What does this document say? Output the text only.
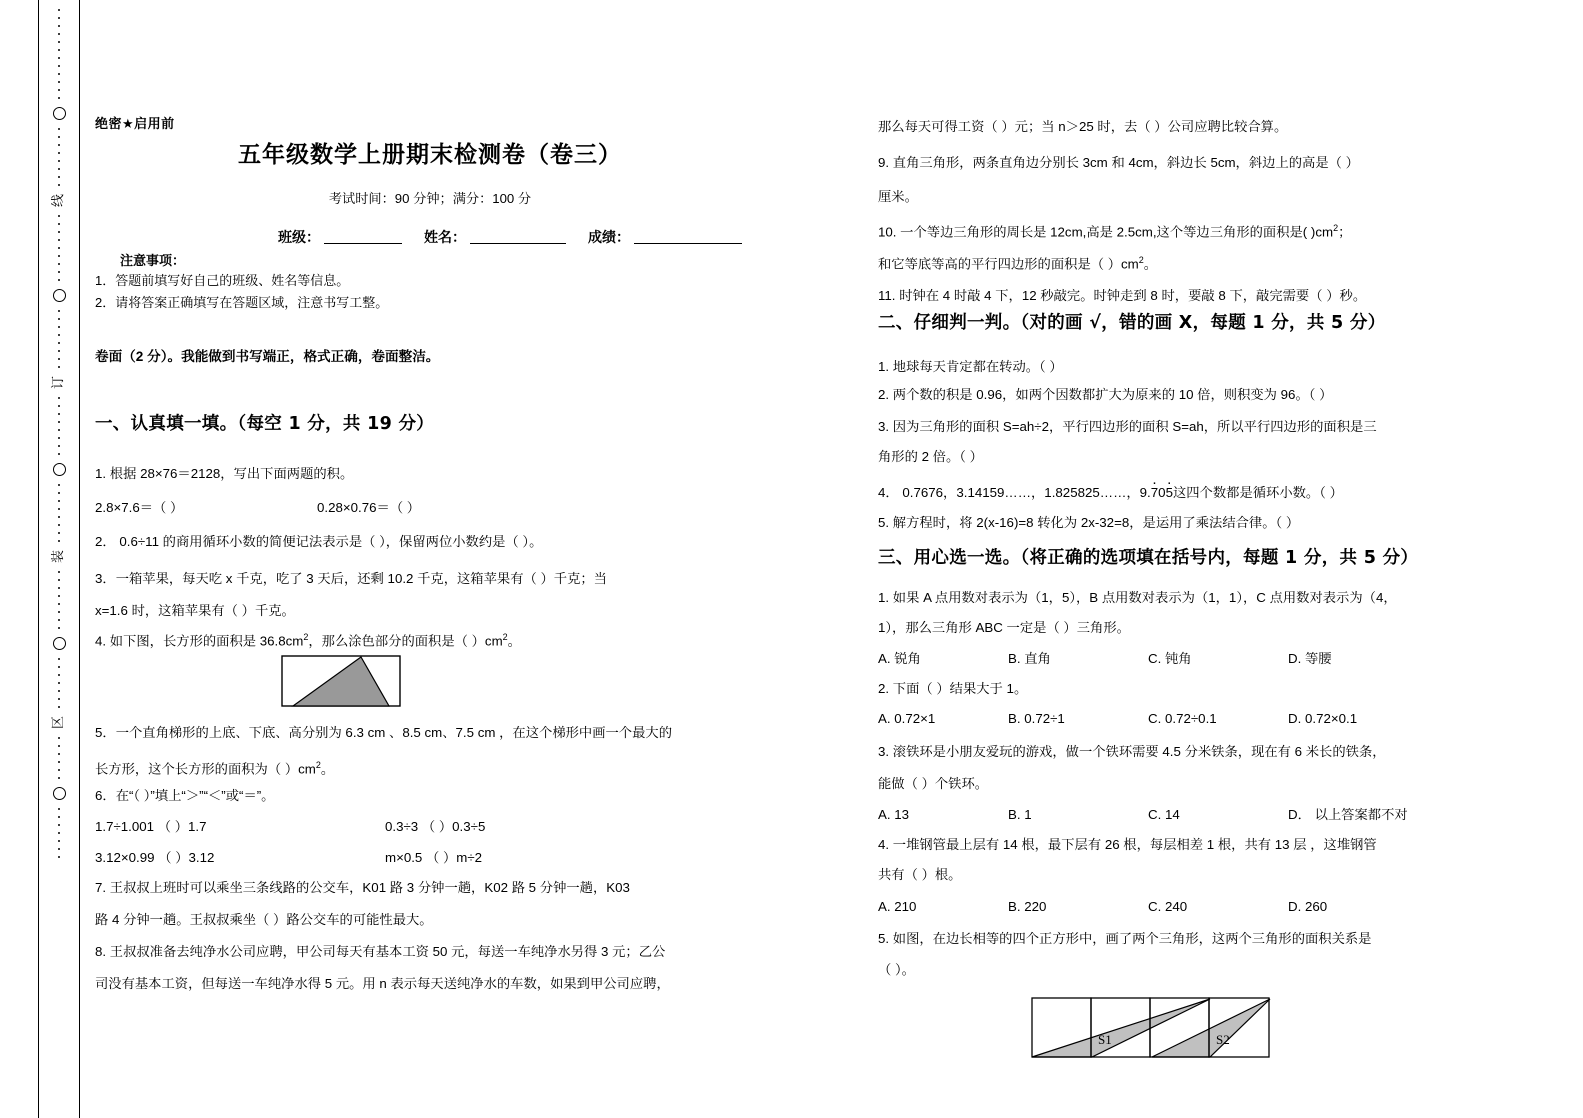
线
订
装
区
绝密★启用前
五年级数学上册期末检测卷（卷三）
考试时间：90 分钟；满分：100 分
班级：	姓名：	成绩：
注意事项：
1．答题前填写好自己的班级、姓名等信息。
2．请将答案正确填写在答题区域，注意书写工整。
卷面（2 分）。我能做到书写端正，格式正确，卷面整洁。
一、认真填一填。（每空 1 分，共 19 分）
1. 根据 28×76＝2128，写出下面两题的积。
2.8×7.6＝（ ）	0.28×0.76＝（ ）
2． 0.6÷11 的商用循环小数的简便记法表示是（ ），保留两位小数约是（ ）。
3．一箱苹果，每天吃 x 千克，吃了 3 天后，还剩 10.2 千克，这箱苹果有（ ）千克；当
x=1.6 时，这箱苹果有（ ）千克。
4. 如下图，长方形的面积是 $36.8cm^2$，那么涂色部分的面积是（ ）$cm^2$。
5．一个直角梯形的上底、下底、高分别为 6.3 cm 、8.5 cm、7.5 cm ，在这个梯形中画一个最大的
长方形，这个长方形的面积为（ ）$cm^2$。
6．在“（ ）”填上“＞”“＜”或“＝”。
1.7÷1.001 （ ）1.7	0.3÷3 （ ）0.3÷5
3.12×0.99 （ ）3.12	m×0.5 （ ）m÷2
7. 王叔叔上班时可以乘坐三条线路的公交车，K01 路 3 分钟一趟，K02 路 5 分钟一趟，K03
路 4 分钟一趟。王叔叔乘坐（ ）路公交车的可能性最大。
8. 王叔叔准备去纯净水公司应聘，甲公司每天有基本工资 50 元，每送一车纯净水另得 3 元；乙公
司没有基本工资，但每送一车纯净水得 5 元。用 n 表示每天送纯净水的车数，如果到甲公司应聘，
那么每天可得工资（ ）元；当 n＞25 时，去（ ）公司应聘比较合算。
9. 直角三角形，两条直角边分别长 3cm 和 4cm，斜边长 5cm，斜边上的高是（ ）
厘米。
10. 一个等边三角形的周长是 12cm,高是 2.5cm,这个等边三角形的面积是( )$cm^2$；
和它等底等高的平行四边形的面积是（ ）$cm^2$。
11. 时钟在 4 时敲 4 下，12 秒敲完。时钟走到 8 时，要敲 8 下，敲完需要（ ）秒。
二、仔细判一判。（对的画 √，错的画 X，每题 1 分，共 5 分）
1. 地球每天肯定都在转动。（ ）
2. 两个数的积是 0.96，如两个因数都扩大为原来的 10 倍，则积变为 96。（ ）
3. 因为三角形的面积 S=ah÷2，平行四边形的面积 S=ah，所以平行四边形的面积是三
角形的 2 倍。（ ）
4． 0.7676，3.14159……，1.825825……，9.· 70· 5这四个数都是循环小数。（ ）
5. 解方程时，将 2(x-16)=8 转化为 2x-32=8，是运用了乘法结合律。（ ）
三、用心选一选。（将正确的选项填在括号内，每题 1 分，共 5 分）
1. 如果 A 点用数对表示为（1，5），B 点用数对表示为（1，1），C 点用数对表示为（4，
1），那么三角形 ABC 一定是（ ）三角形。
A. 锐角	B. 直角	C. 钝角	D. 等腰
2. 下面（ ）结果大于 1。
A. 0.72×1	B. 0.72÷1	C. 0.72÷0.1	D. 0.72×0.1
3. 滚铁环是小朋友爱玩的游戏，做一个铁环需要 4.5 分米铁条，现在有 6 米长的铁条，
能做（ ）个铁环。
A. 13	B. 1	C. 14	D． 以上答案都不对
4. 一堆钢管最上层有 14 根，最下层有 26 根，每层相差 1 根，共有 13 层 ，这堆钢管
共有（ ）根。
A. 210	B. 220	C. 240	D. 260
5. 如图，在边长相等的四个正方形中，画了两个三角形，这两个三角形的面积关系是
（ ）。
S1	S2
